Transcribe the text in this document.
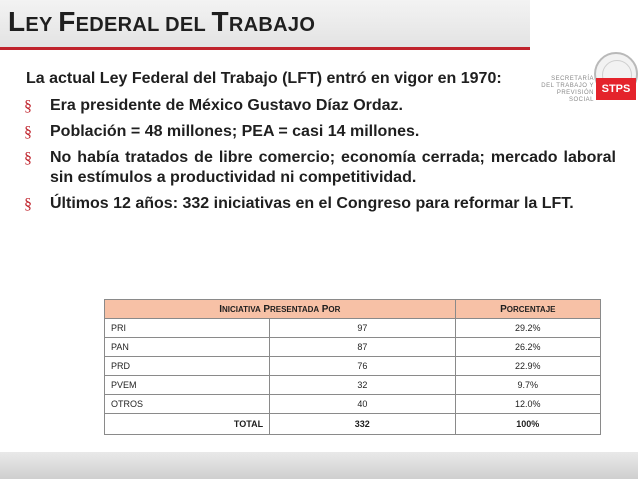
LEY FEDERAL DEL TRABAJO
SECRETARÍA
DEL TRABAJO Y
PREVISIÓN SOCIAL
STPS
La actual Ley Federal del Trabajo (LFT) entró en vigor en 1970:
§ Era presidente de México Gustavo Díaz Ordaz.
§ Población = 48 millones; PEA = casi 14 millones.
§ No había tratados de libre comercio; economía cerrada; mercado laboral sin estímulos a productividad ni competitividad.
§ Últimos 12 años: 332 iniciativas en el Congreso para reformar la LFT.
INICIATIVA PRESENTADA POR		PORCENTAJE
PRI	97	29.2%
PAN	87	26.2%
PRD	76	22.9%
PVEM	32	9.7%
OTROS	40	12.0%
TOTAL	332	100%
